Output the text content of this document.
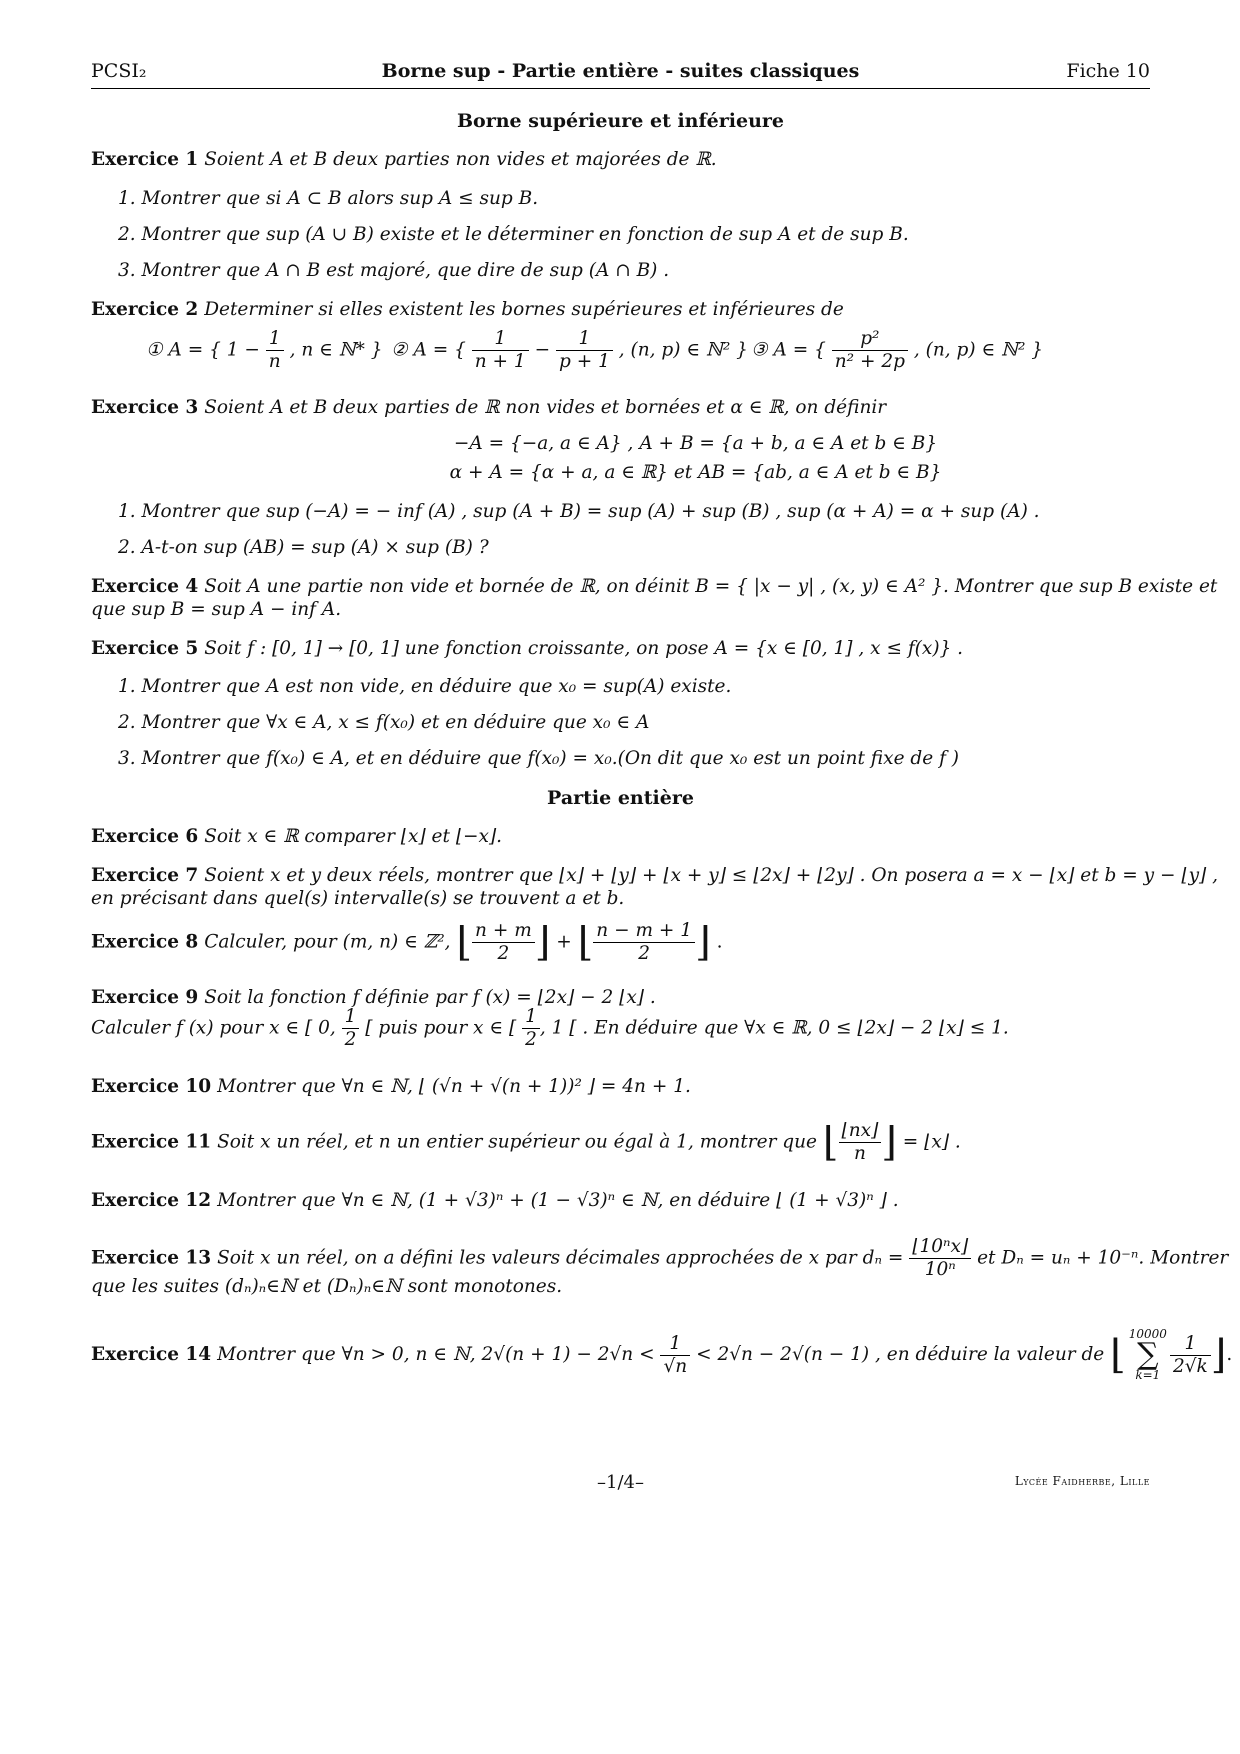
PCSI₂	Borne sup - Partie entière - suites classiques	Fiche 10
Borne supérieure et inférieure
Exercice 1 Soient A et B deux parties non vides et majorées de ℝ.
1. Montrer que si A ⊂ B alors sup A ≤ sup B.
2. Montrer que sup (A ∪ B) existe et le déterminer en fonction de sup A et de sup B.
3. Montrer que A ∩ B est majoré, que dire de sup (A ∩ B) .
Exercice 2 Determiner si elles existent les bornes supérieures et inférieures de
① A = { $1 - \frac{1}{n}$ , n ∈ ℕ* } ② A = { $\frac{1}{n + 1} - \frac{1}{p + 1}$ , (n, p) ∈ ℕ² } ③ A = { $\frac{\text{p²}}{\text{n² + 2p}}$ , (n, p) ∈ ℕ² }
Exercice 3 Soient A et B deux parties de ℝ non vides et bornées et α ∈ ℝ, on définir
−A = {−a, a ∈ A} , A + B = {a + b, a ∈ A et b ∈ B}
α + A = {α + a, a ∈ ℝ} et AB = {ab, a ∈ A et b ∈ B}
1. Montrer que sup (−A) = − inf (A) , sup (A + B) = sup (A) + sup (B) , sup (α + A) = α + sup (A) .
2. A-t-on sup (AB) = sup (A) × sup (B) ?
Exercice 4 Soit A une partie non vide et bornée de ℝ, on déinit B = { |x − y| , (x, y) ∈ A² }. Montrer que sup B existe et
que sup B = sup A − inf A.
Exercice 5 Soit f : [0, 1] → [0, 1] une fonction croissante, on pose A = {x ∈ [0, 1] , x ≤ f(x)} .
1. Montrer que A est non vide, en déduire que x₀ = sup(A) existe.
2. Montrer que ∀x ∈ A, x ≤ f(x₀) et en déduire que x₀ ∈ A
3. Montrer que f(x₀) ∈ A, et en déduire que f(x₀) = x₀.(On dit que x₀ est un point fixe de f )
Partie entière
Exercice 6 Soit x ∈ ℝ comparer ⌊x⌋ et ⌊−x⌋.
Exercice 7 Soient x et y deux réels, montrer que ⌊x⌋ + ⌊y⌋ + ⌊x + y⌋ ≤ ⌊2x⌋ + ⌊2y⌋ . On posera a = x − ⌊x⌋ et b = y − ⌊y⌋ ,
en précisant dans quel(s) intervalle(s) se trouvent a et b.
Exercice 8 Calculer, pour (m, n) ∈ ℤ², ⌊ $\frac{n + m}{2}$ ⌋ + ⌊ $\frac{n - m + 1}{2}$ ⌋ .
Exercice 9 Soit la fonction f définie par f (x) = ⌊2x⌋ − 2 ⌊x⌋ .
Calculer f (x) pour x ∈ [ 0, $\frac{1}{2}$ [ puis pour x ∈ [ $\frac{1}{2}$ , 1 [ . En déduire que ∀x ∈ ℝ, 0 ≤ ⌊2x⌋ − 2 ⌊x⌋ ≤ 1.
Exercice 10 Montrer que ∀n ∈ ℕ, ⌊ (√n + √(n + 1))² ⌋ = 4n + 1.
Exercice 11 Soit x un réel, et n un entier supérieur ou égal à 1, montrer que ⌊ $\frac{⌊nx⌋}{n}$ ⌋ = ⌊x⌋ .
Exercice 12 Montrer que ∀n ∈ ℕ, (1 + √3)ⁿ + (1 − √3)ⁿ ∈ ℕ, en déduire ⌊ (1 + √3)ⁿ ⌋ .
Exercice 13 Soit x un réel, on a défini les valeurs décimales approchées de x par $d_n = \frac{\text{⌊10ⁿx⌋}}{\text{10ⁿ}}$ et Dₙ = uₙ + 10⁻ⁿ. Montrer
que les suites (dₙ)ₙ∈ℕ et (Dₙ)ₙ∈ℕ sont monotones.
Exercice 14 Montrer que ∀n > 0, n ∈ ℕ, $2√(n + 1) - 2√n < \frac{1}{√n} < 2√n - 2√(n - 1)$ , en déduire la valeur de ⌊ 10000
∑
$k=1 \frac{1}{2√k}$ ⌋.
–1/4–	Lycée Faidherbe, Lille
